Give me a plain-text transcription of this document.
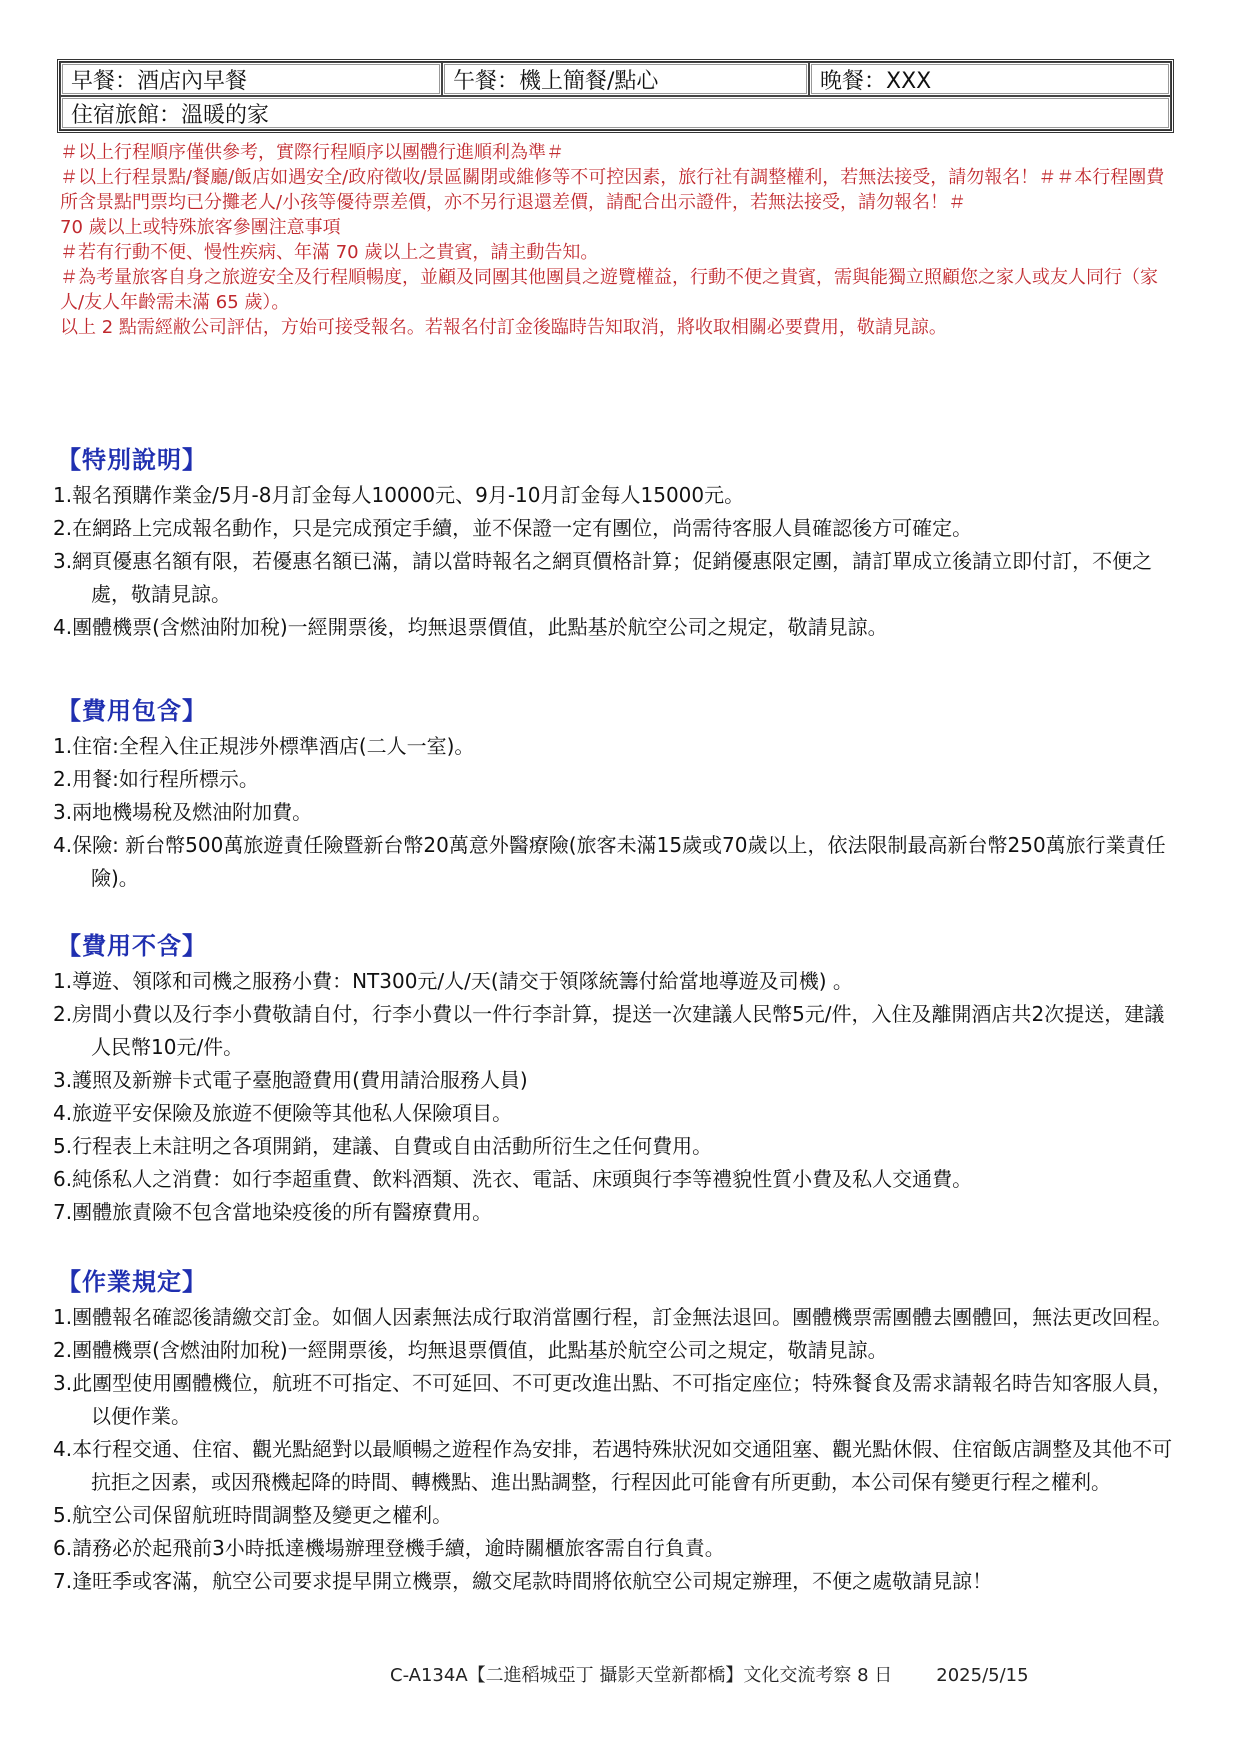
早餐：酒店內早餐	午餐：機上簡餐/點心	晚餐：XXX
住宿旅館：溫暖的家

＃以上行程順序僅供參考，實際行程順序以團體行進順利為準＃

＃以上行程景點/餐廳/飯店如遇安全/政府徵收/景區關閉或維修等不可控因素，旅行社有調整權利，若無法接受，請勿報名！＃＃本行程團費所含景點門票均已分攤老人/小孩等優待票差價，亦不另行退還差價，請配合出示證件，若無法接受，請勿報名！＃

70 歲以上或特殊旅客參團注意事項

＃若有行動不便、慢性疾病、年滿 70 歲以上之貴賓，請主動告知。

＃為考量旅客自身之旅遊安全及行程順暢度，並顧及同團其他團員之遊覽權益，行動不便之貴賓，需與能獨立照顧您之家人或友人同行（家人/友人年齡需未滿 65 歲）。

以上 2 點需經敝公司評估，方始可接受報名。若報名付訂金後臨時告知取消，將收取相關必要費用，敬請見諒。

【特別說明】

1.報名預購作業金/5月-8月訂金每人10000元、9月-10月訂金每人15000元。

2.在網路上完成報名動作，只是完成預定手續，並不保證一定有團位，尚需待客服人員確認後方可確定。

3.網頁優惠名額有限，若優惠名額已滿，請以當時報名之網頁價格計算；促銷優惠限定團，請訂單成立後請立即付訂，不便之處，敬請見諒。

4.團體機票(含燃油附加稅)一經開票後，均無退票價值，此點基於航空公司之規定，敬請見諒。

【費用包含】

1.住宿:全程入住正規涉外標準酒店(二人一室)。

2.用餐:如行程所標示。

3.兩地機場稅及燃油附加費。

4.保險: 新台幣500萬旅遊責任險暨新台幣20萬意外醫療險(旅客未滿15歲或70歲以上，依法限制最高新台幣250萬旅行業責任險)。

【費用不含】

1.導遊、領隊和司機之服務小費：NT300元/人/天(請交于領隊統籌付給當地導遊及司機) 。

2.房間小費以及行李小費敬請自付，行李小費以一件行李計算，提送一次建議人民幣5元/件，入住及離開酒店共2次提送，建議人民幣10元/件。

3.護照及新辦卡式電子臺胞證費用(費用請洽服務人員)

4.旅遊平安保險及旅遊不便險等其他私人保險項目。

5.行程表上未註明之各項開銷，建議、自費或自由活動所衍生之任何費用。

6.純係私人之消費：如行李超重費、飲料酒類、洗衣、電話、床頭與行李等禮貌性質小費及私人交通費。

7.團體旅責險不包含當地染疫後的所有醫療費用。

【作業規定】

1.團體報名確認後請繳交訂金。如個人因素無法成行取消當團行程，訂金無法退回。團體機票需團體去團體回，無法更改回程。

2.團體機票(含燃油附加稅)一經開票後，均無退票價值，此點基於航空公司之規定，敬請見諒。

3.此團型使用團體機位，航班不可指定、不可延回、不可更改進出點、不可指定座位；特殊餐食及需求請報名時告知客服人員，以便作業。

4.本行程交通、住宿、觀光點絕對以最順暢之遊程作為安排，若遇特殊狀況如交通阻塞、觀光點休假、住宿飯店調整及其他不可抗拒之因素，或因飛機起降的時間、轉機點、進出點調整，行程因此可能會有所更動，本公司保有變更行程之權利。

5.航空公司保留航班時間調整及變更之權利。

6.請務必於起飛前3小時抵達機場辦理登機手續，逾時關櫃旅客需自行負責。

7.逢旺季或客滿，航空公司要求提早開立機票，繳交尾款時間將依航空公司規定辦理，不便之處敬請見諒！

C-A134A【二進稻城亞丁 攝影天堂新都橋】文化交流考察 8 日 2025/5/15
